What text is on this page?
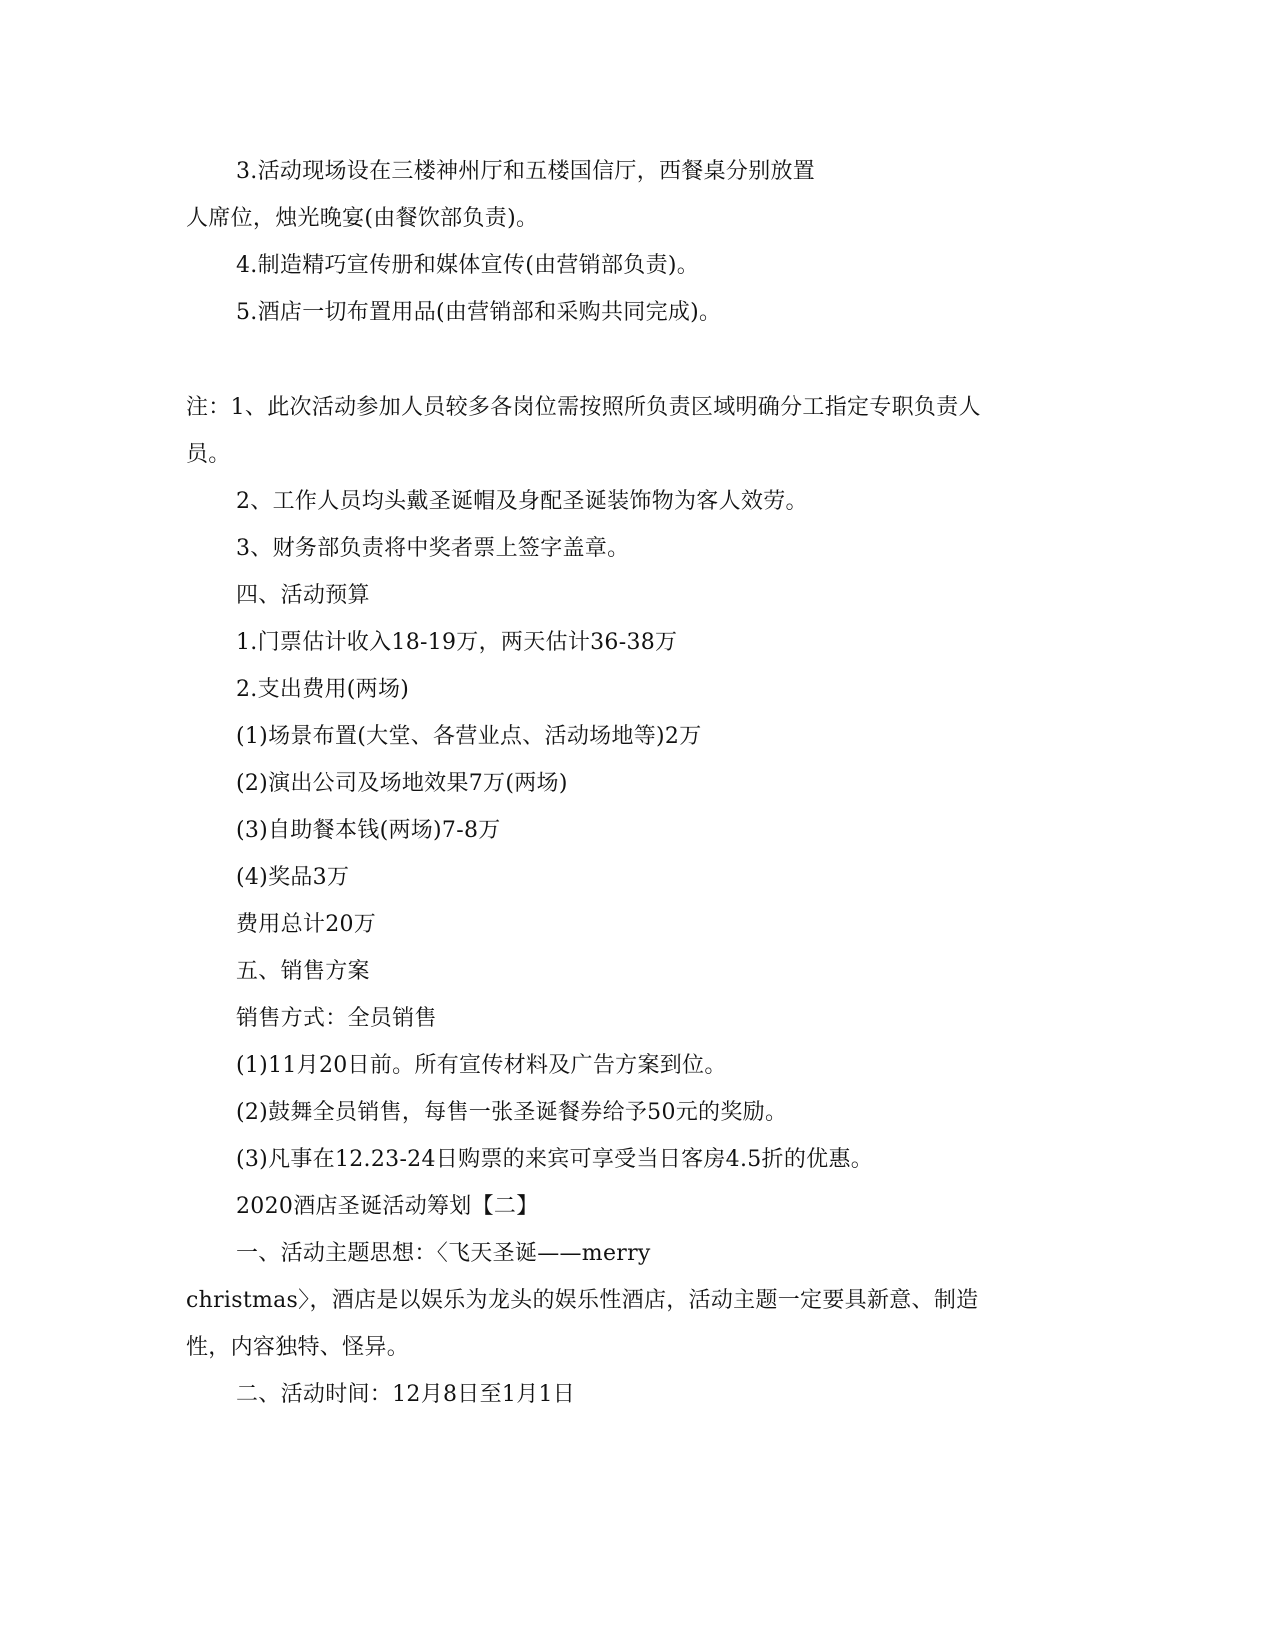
3.活动现场设在三楼神州厅和五楼国信厅，西餐桌分别放置
人席位，烛光晚宴(由餐饮部负责)。
4.制造精巧宣传册和媒体宣传(由营销部负责)。
5.酒店一切布置用品(由营销部和采购共同完成)。
注：1、此次活动参加人员较多各岗位需按照所负责区域明确分工指定专职负责人
员。
2、工作人员均头戴圣诞帽及身配圣诞装饰物为客人效劳。
3、财务部负责将中奖者票上签字盖章。
四、活动预算
1.门票估计收入18-19万，两天估计36-38万
2.支出费用(两场)
(1)场景布置(大堂、各营业点、活动场地等)2万
(2)演出公司及场地效果7万(两场)
(3)自助餐本钱(两场)7-8万
(4)奖品3万
费用总计20万
五、销售方案
销售方式：全员销售
(1)11月20日前。所有宣传材料及广告方案到位。
(2)鼓舞全员销售，每售一张圣诞餐券给予50元的奖励。
(3)凡事在12.23-24日购票的来宾可享受当日客房4.5折的优惠。
2020酒店圣诞活动筹划【二】
一、活动主题思想：〈飞天圣诞——merry
christmas〉，酒店是以娱乐为龙头的娱乐性酒店，活动主题一定要具新意、制造
性，内容独特、怪异。
二、活动时间：12月8日至1月1日
